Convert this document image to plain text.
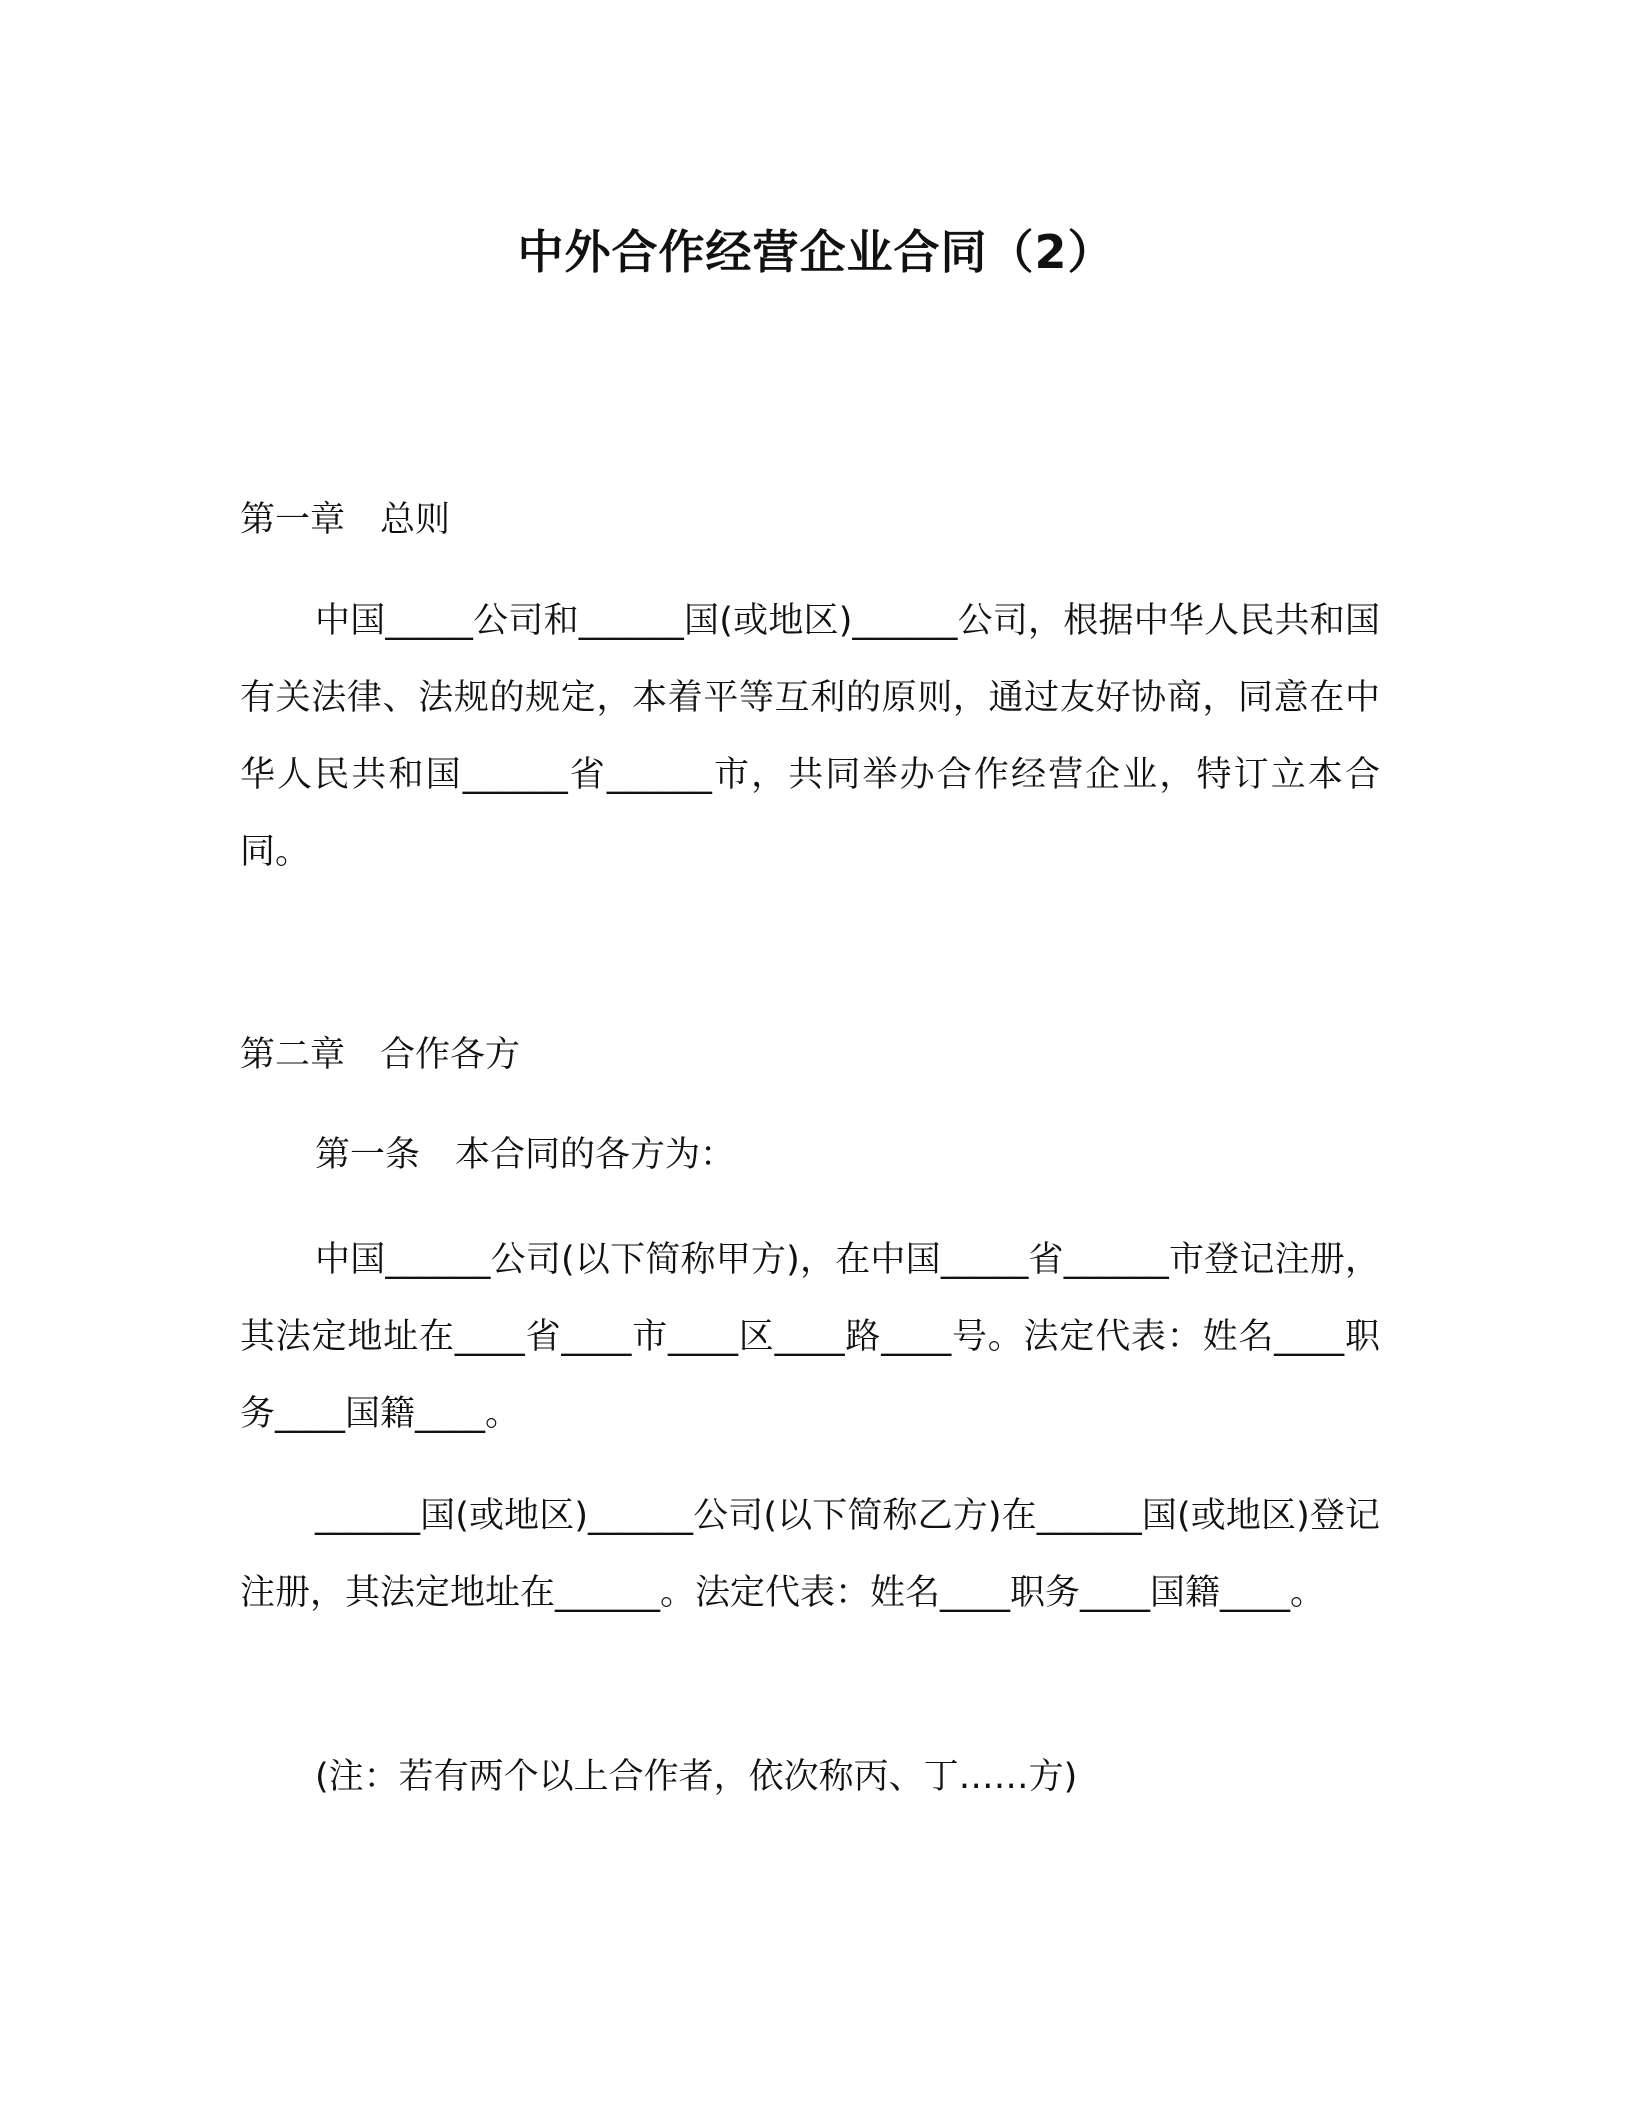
中外合作经营企业合同（2）
第一章　总则

中国_____公司和______国(或地区)______公司，根据中华人民共和国有关法律、法规的规定，本着平等互利的原则，通过友好协商，同意在中华人民共和国______省______市，共同举办合作经营企业，特订立本合同。

第二章　合作各方
第一条　本合同的各方为：

中国______公司(以下简称甲方)，在中国_____省______市登记注册，其法定地址在____省____市____区____路____号。法定代表：姓名____职务____国籍____。

______国(或地区)______公司(以下简称乙方)在______国(或地区)登记注册，其法定地址在______。法定代表：姓名____职务____国籍____。

(注：若有两个以上合作者，依次称丙、丁……方)
